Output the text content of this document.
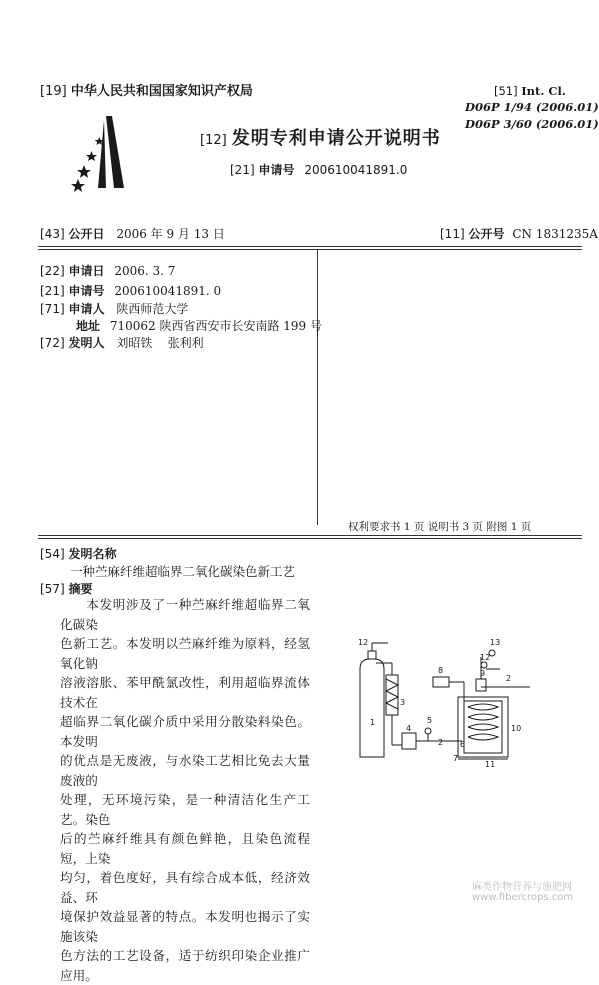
[19] 中华人民共和国国家知识产权局
[12] 发明专利申请公开说明书
[21] 申请号 200610041891.0
[51] Int. Cl.
D06P 1/94 (2006.01)
D06P 3/60 (2006.01)
[43] 公开日 2006 年 9 月 13 日	[11] 公开号 CN 1831235A
[22] 申请日 2006. 3. 7
[21] 申请号 200610041891. 0
[71] 申请人 陕西师范大学
地址 710062 陕西省西安市长安南路 199 号
[72] 发明人 刘昭铁    张利利
权利要求书 1 页 说明书 3 页 附图 1 页
[54] 发明名称
一种苎麻纤维超临界二氧化碳染色新工艺
[57] 摘要
　　本发明涉及了一种苎麻纤维超临界二氧化碳染
色新工艺。本发明以苎麻纤维为原料，经氢氧化钠
溶液溶胀、苯甲酰氯改性，利用超临界流体技术在
超临界二氧化碳介质中采用分散染料染色。本发明
的优点是无废液，与水染工艺相比免去大量废液的
处理，无环境污染，是一种清洁化生产工艺。染色
后的苎麻纤维具有颜色鲜艳，且染色流程短，上染
均匀，着色度好，具有综合成本低，经济效益、环
境保护效益显著的特点。本发明也揭示了实施该染
色方法的工艺设备，适于纺织印染企业推广应用。
1
12
3
4
5
2
7
6
8	9
10
11
12
13
2
麻类作物营养与施肥网
www.fibercrops.com
